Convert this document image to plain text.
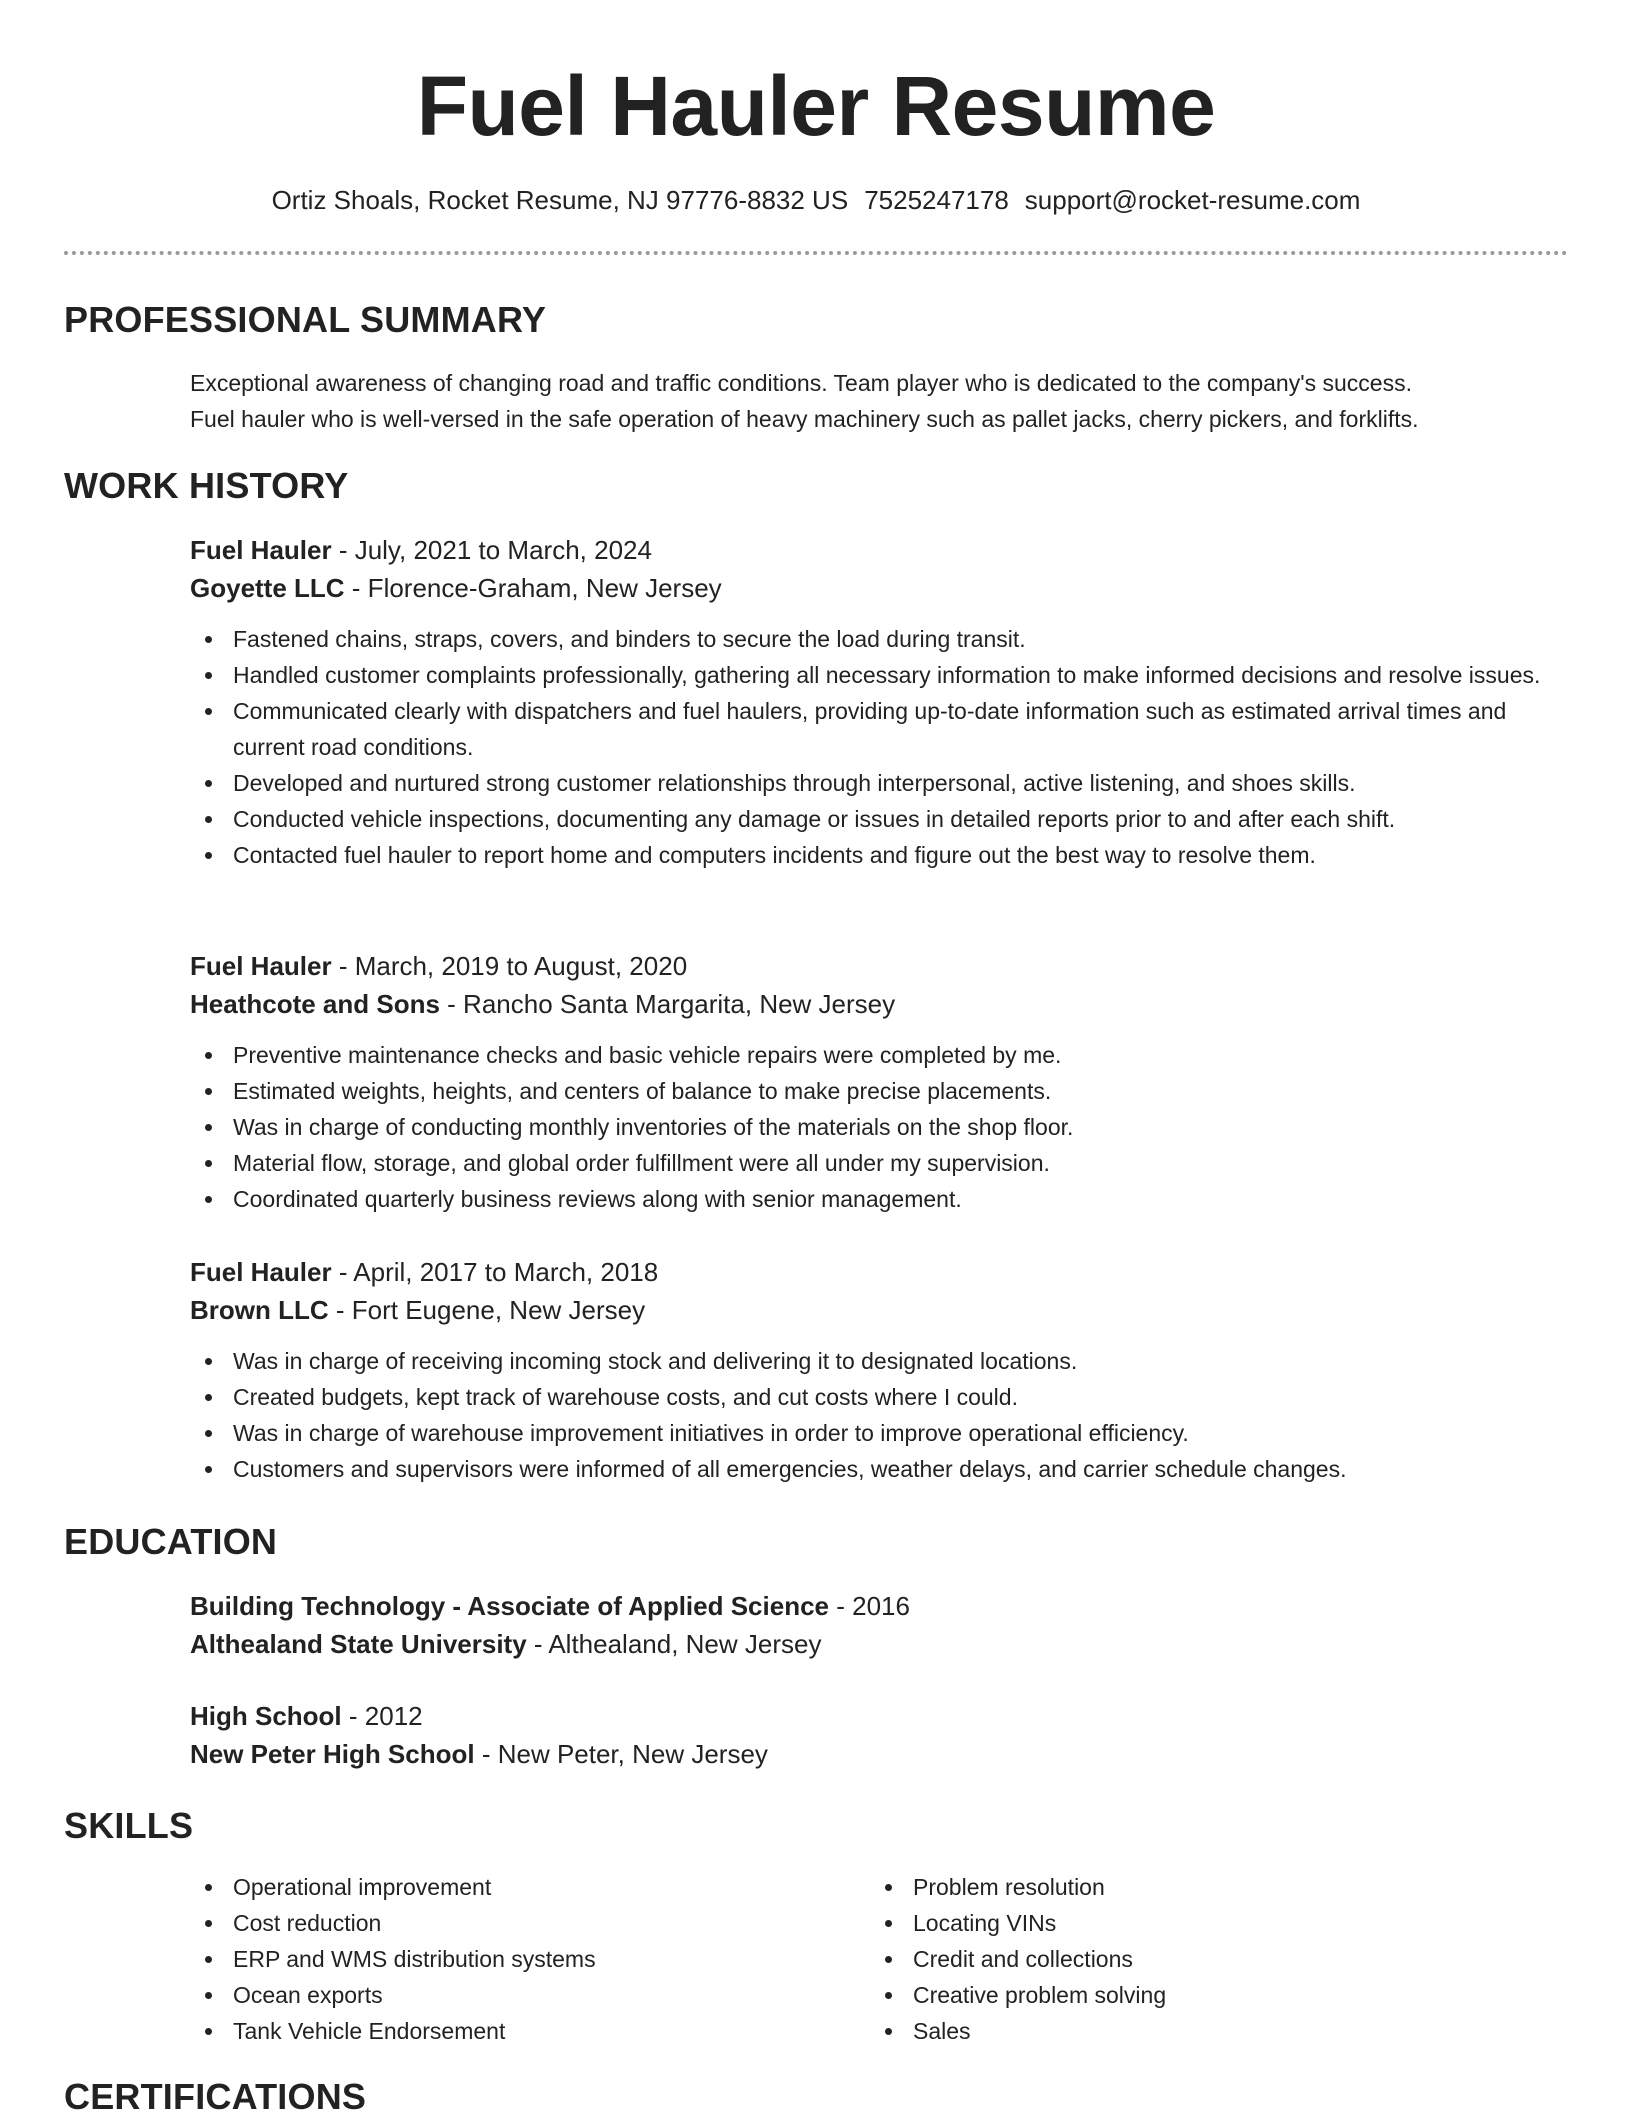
Fuel Hauler Resume
Ortiz Shoals, Rocket Resume, NJ 97776-8832 US 7525247178 support@rocket-resume.com
PROFESSIONAL SUMMARY
Exceptional awareness of changing road and traffic conditions. Team player who is dedicated to the company's success.
Fuel hauler who is well-versed in the safe operation of heavy machinery such as pallet jacks, cherry pickers, and forklifts.
WORK HISTORY
Fuel Hauler - July, 2021 to March, 2024
Goyette LLC - Florence-Graham, New Jersey
Fastened chains, straps, covers, and binders to secure the load during transit.
Handled customer complaints professionally, gathering all necessary information to make informed decisions and resolve issues.
Communicated clearly with dispatchers and fuel haulers, providing up-to-date information such as estimated arrival times and current road conditions.
Developed and nurtured strong customer relationships through interpersonal, active listening, and shoes skills.
Conducted vehicle inspections, documenting any damage or issues in detailed reports prior to and after each shift.
Contacted fuel hauler to report home and computers incidents and figure out the best way to resolve them.
Fuel Hauler - March, 2019 to August, 2020
Heathcote and Sons - Rancho Santa Margarita, New Jersey
Preventive maintenance checks and basic vehicle repairs were completed by me.
Estimated weights, heights, and centers of balance to make precise placements.
Was in charge of conducting monthly inventories of the materials on the shop floor.
Material flow, storage, and global order fulfillment were all under my supervision.
Coordinated quarterly business reviews along with senior management.
Fuel Hauler - April, 2017 to March, 2018
Brown LLC - Fort Eugene, New Jersey
Was in charge of receiving incoming stock and delivering it to designated locations.
Created budgets, kept track of warehouse costs, and cut costs where I could.
Was in charge of warehouse improvement initiatives in order to improve operational efficiency.
Customers and supervisors were informed of all emergencies, weather delays, and carrier schedule changes.
EDUCATION
Building Technology - Associate of Applied Science - 2016
Althealand State University - Althealand, New Jersey
High School - 2012
New Peter High School - New Peter, New Jersey
SKILLS
Operational improvement
Cost reduction
ERP and WMS distribution systems
Ocean exports
Tank Vehicle Endorsement
Problem resolution
Locating VINs
Credit and collections
Creative problem solving
Sales
CERTIFICATIONS
